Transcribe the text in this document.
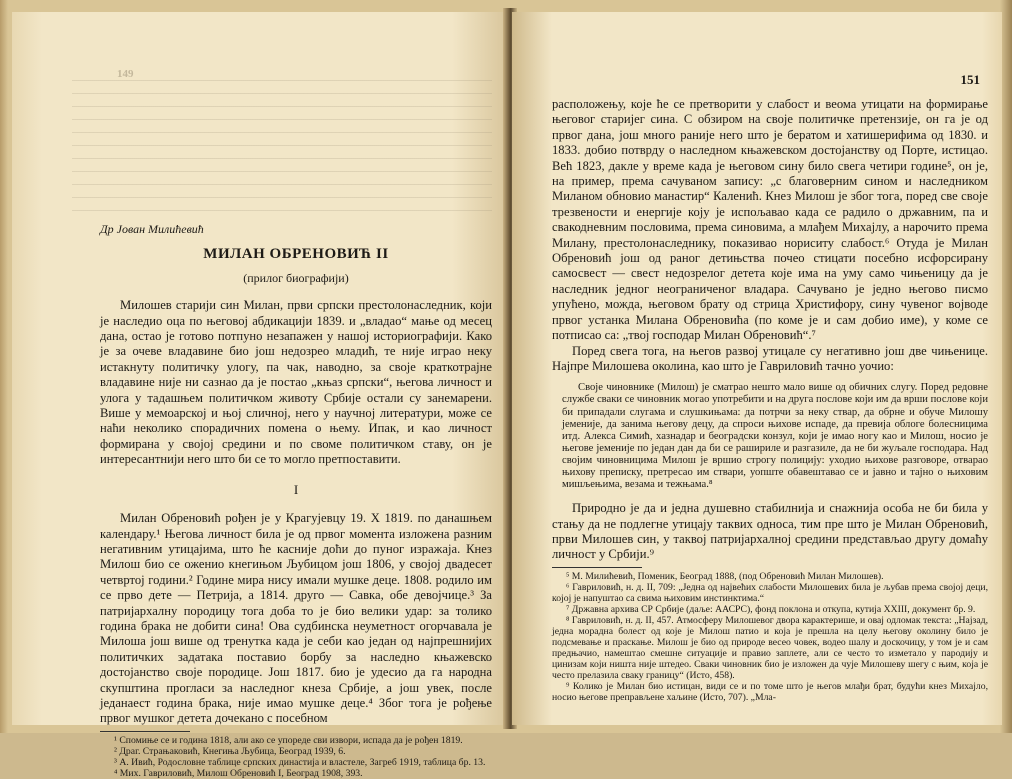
149

Др Јован Милићевић

МИЛАН ОБРЕНОВИЋ II

(прилог биографији)

Милошев старији син Милан, први српски престолонаследник, који је наследио оца по његовој абдикацији 1839. и „владао“ мање од месец дана, остао је готово потпуно незапажен у нашој историографији. Како је за очеве владавине био још недозрео младић, те није играо неку истакнуту политичку улогу, па чак, наводно, за своје краткотрајне владавине није ни сазнао да је постао „књаз српски“, његова личност и улога у тадашњем политичком животу Србије остали су занемарени. Више у мемоарској и њој сличној, него у научној литератури, може се наћи неколико спорадичних помена о њему. Ипак, и као личност формирана у својој средини и по своме политичком ставу, он је интересантнији него што би се то могло претпоставити.

I

Милан Обреновић рођен је у Крагујевцу 19. X 1819. по данашњем календару.¹ Његова личност била је од првог момента изложена разним негативним утицајима, што ће касније доћи до пуног изражаја. Кнез Милош био се оженио кнегињом Љубицом још 1806, у својој двадесет четвртој години.² Године мира нису имали мушке деце. 1808. родило им се прво дете — Петрија, а 1814. друго — Савка, обе девојчице.³ За патријархалну породицу тога доба то је био велики удар: за толико година брака не добити сина! Ова судбинска неуметност огорчавала је Милоша још више од тренутка када је себи као један од најпрешнијих политичких задатака поставио борбу за наследно књажевско достојанство своје породице. Још 1817. био је удесио да га народна скупштина прогласи за наследног кнеза Србије, а још увек, после једанаест година брака, није имао мушке деце.⁴ Због тога је рођење првог мушког детета дочекано с посебном

¹ Спомиње се и година 1818, али ако се упореде сви извори, испада да је рођен 1819.

² Драг. Страњаковић, Кнегиња Љубица, Београд 1939, 6.

³ А. Ивић, Родословне таблице српских династија и властеле, Загреб 1919, таблица бр. 13.

⁴ Мих. Гавриловић, Милош Обреновић I, Београд 1908, 393.

151

расположењу, које ће се претворити у слабост и веома утицати на формирање његовог старијег сина. С обзиром на своје политичке претензије, он га је од првог дана, још много раније него што је бератом и хатишерифима од 1830. и 1833. добио потврду о наследном књажевском достојанству од Порте, истицао. Већ 1823, дакле у време када је његовом сину било свега четири године⁵, он је, на пример, према сачуваном запису: „с благоверним сином и наследником Миланом обновио манастир“ Каленић. Кнез Милош је због тога, поред све своје трезвености и енергије коју је испољавао када се радило о државним, па и свакодневним пословима, према синовима, а млађем Михајлу, а нарочито према Милану, престолонаследнику, показивао нориситу слабост.⁶ Отуда је Милан Обреновић још од раног детињства почео стицати посебно исфорсирану самосвест — свест недозрелог детета које има на уму само чињеницу да је наследник једног неограниченог владара. Сачувано је једно његово писмо упућено, можда, његовом брату од стрица Христифору, сину чувеног војводе првог устанка Милана Обреновића (по коме је и сам добио име), у коме се потписао са: „твој господар Милан Обреновић“.⁷

Поред свега тога, на његов развој утицале су негативно још две чињенице. Најпре Милошева околина, као што је Гавриловић тачно уочио:

Своје чиновнике (Милош) је сматрао нешто мало више од обичних слугу. Поред редовне службе сваки се чиновник могао употребити и на друга послове који им да врши послове који би припадали слугама и слушкињама: да потрчи за неку ствар, да обрне и обуче Милошу јеменије, да занима његову децу, да спроси њихове испаде, да превија облоге болесницима итд. Алекса Симић, хазнадар и београдски конзул, који је имао ногу као и Милош, носио је његове јеменије по један дан да би се рашириле и разгазиле, да не би жуљале господара. Над својим чиновницима Милош је вршио строгу полицију: уходио њихове разговоре, отварао њихову преписку, претресао им ствари, уопште обавештавао се и јавно и тајно о њиховим мишљењима, везама и тежњама.⁸

Природно је да и једна душевно стабилнија и снажнија особа не би била у стању да не подлегне утицају таквих односа, тим пре што је Милан Обреновић, први Милошев син, у таквој патријархалној средини представљао другу домаћу личност у Србији.⁹

⁵ М. Милићевић, Поменик, Београд 1888, (под Обреновић Милан Милошев).

⁶ Гавриловић, н. д. II, 709: „Једна од највећих слабости Милошевих била је љубав према својој деци, којој је напуштао са свима њиховим инстинктима.“

⁷ Државна архива СР Србије (даље: ААСРС), фонд поклона и откупа, кутија XXIII, документ бр. 9.

⁸ Гавриловић, н. д. II, 457. Атмосферу Милошевог двора карактерише, и овај одломак текста: „Најзад, једна морадна болест од које је Милош патио и која је прешла на целу његову околину било је подсмевање и праскање. Милош је био од природе весео човек, водео шалу и доскочицу, у том је и сам предњачио, намештао смешне ситуације и правио заплете, али се често то изметало у пародију и цинизам који ништа није штедео. Сваки чиновник био је изложен да чује Милошеву шегу с њим, која је често прелазила сваку границу“ (Исто, 458).

⁹ Колико је Милан био истицан, види се и по томе што је његов млађи брат, будући кнез Михајло, носио његове преправљене хаљине (Исто, 707). „Мла-
